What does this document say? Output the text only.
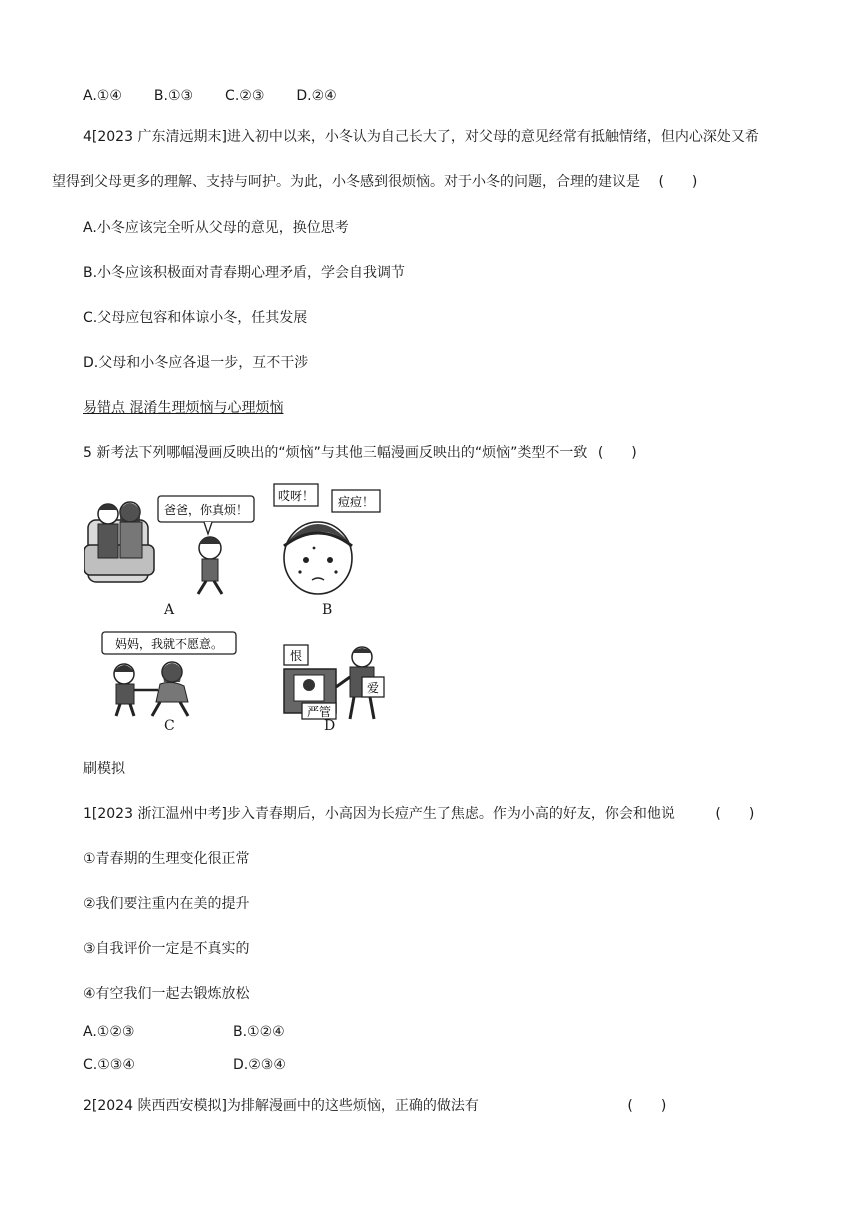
A.①④ B.①③ C.②③ D.②④
4[2023 广东清远期末]进入初中以来，小冬认为自己长大了，对父母的意见经常有抵触情绪，但内心深处又希
望得到父母更多的理解、支持与呵护。为此，小冬感到很烦恼。对于小冬的问题，合理的建议是 (　　)
A.小冬应该完全听从父母的意见，换位思考
B.小冬应该积极面对青春期心理矛盾，学会自我调节
C.父母应包容和体谅小冬，任其发展
D.父母和小冬应各退一步，互不干涉
易错点 混淆生理烦恼与心理烦恼
5 新考法下列哪幅漫画反映出的“烦恼”与其他三幅漫画反映出的“烦恼”类型不一致 (　　)
爸爸，你真烦！
A
哎呀！ 痘痘！
B
妈妈，我就不愿意。
C
恨
严管
爱
D
刷模拟
1[2023 浙江温州中考]步入青春期后，小高因为长痘产生了焦虑。作为小高的好友，你会和他说	(　　)
①青春期的生理变化很正常
②我们要注重内在美的提升
③自我评价一定是不真实的
④有空我们一起去锻炼放松
A.①②③	B.①②④
C.①③④	D.②③④
2[2024 陕西西安模拟]为排解漫画中的这些烦恼，正确的做法有	(　　)
